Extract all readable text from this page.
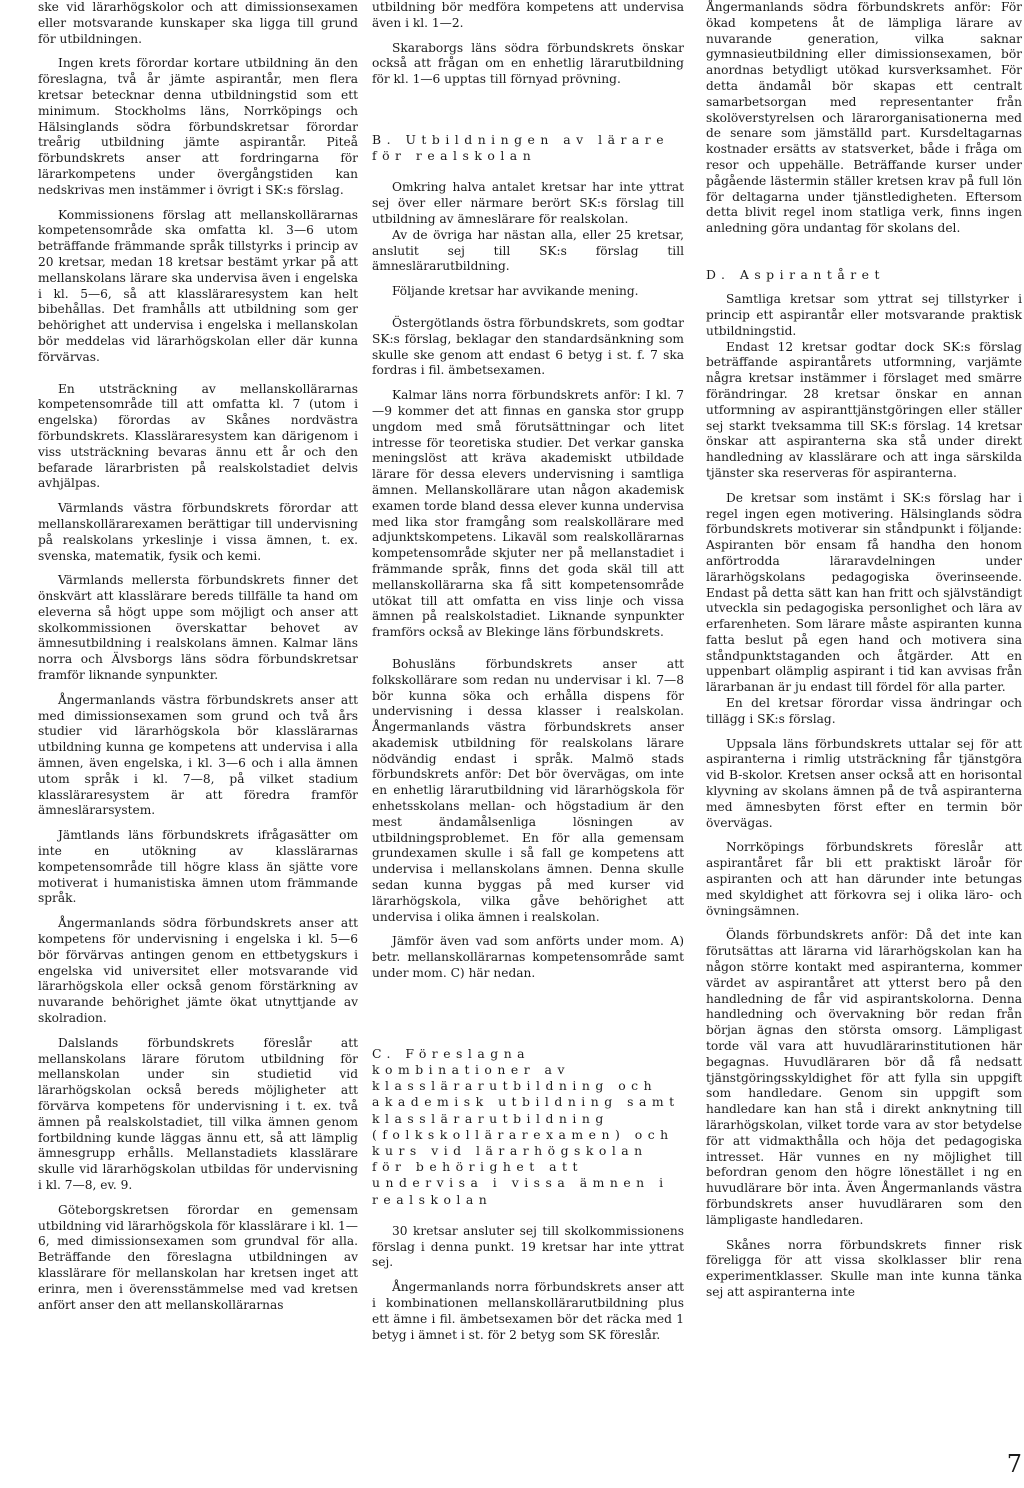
ske vid lärarhögskolor och att dimissionsexamen eller motsvarande kunskaper ska ligga till grund för utbildningen.

Ingen krets förordar kortare utbildning än den föreslagna, två år jämte aspirantår, men flera kretsar betecknar denna utbildningstid som ett minimum. Stockholms läns, Norrköpings och Hälsinglands södra förbundskretsar förordar treårig utbildning jämte aspirantår. Piteå förbundskrets anser att fordringarna för lärarkompetens under övergångstiden kan nedskrivas men instämmer i övrigt i SK:s förslag.

Kommissionens förslag att mellanskollärarnas kompetensområde ska omfatta kl. 3—6 utom beträffande främmande språk tillstyrks i princip av 20 kretsar, medan 18 kretsar bestämt yrkar på att mellanskolans lärare ska undervisa även i engelska i kl. 5—6, så att klassläraresystem kan helt bibehållas. Det framhålls att utbildning som ger behörighet att undervisa i engelska i mellanskolan bör meddelas vid lärarhögskolan eller där kunna förvärvas.

En utsträckning av mellanskollärarnas kompetensområde till att omfatta kl. 7 (utom i engelska) förordas av Skånes nordvästra förbundskrets. Klassläraresystem kan därigenom i viss utsträckning bevaras ännu ett år och den befarade lärarbristen på realskolstadiet delvis avhjälpas.

Värmlands västra förbundskrets förordar att mellanskollärarexamen berättigar till undervisning på realskolans yrkeslinje i vissa ämnen, t. ex. svenska, matematik, fysik och kemi.

Värmlands mellersta förbundskrets finner det önskvärt att klasslärare bereds tillfälle ta hand om eleverna så högt uppe som möjligt och anser att skolkommissionen överskattar behovet av ämnesutbildning i realskolans ämnen. Kalmar läns norra och Älvsborgs läns södra förbundskretsar framför liknande synpunkter.

Ångermanlands västra förbundskrets anser att med dimissionsexamen som grund och två års studier vid lärarhögskola bör klasslärarnas utbildning kunna ge kompetens att undervisa i alla ämnen, även engelska, i kl. 3—6 och i alla ämnen utom språk i kl. 7—8, på vilket stadium klassläraresystem är att föredra framför ämneslärarsystem.

Jämtlands läns förbundskrets ifrågasätter om inte en utökning av klasslärarnas kompetensområde till högre klass än sjätte vore motiverat i humanistiska ämnen utom främmande språk.

Ångermanlands södra förbundskrets anser att kompetens för undervisning i engelska i kl. 5—6 bör förvärvas antingen genom en ettbetygskurs i engelska vid universitet eller motsvarande vid lärarhögskola eller också genom förstärkning av nuvarande behörighet jämte ökat utnyttjande av skolradion.

Dalslands förbundskrets föreslår att mellanskolans lärare förutom utbildning för mellanskolan under sin studietid vid lärarhögskolan också bereds möjligheter att förvärva kompetens för undervisning i t. ex. två ämnen på realskolstadiet, till vilka ämnen genom fortbildning kunde läggas ännu ett, så att lämplig ämnesgrupp erhålls. Mellanstadiets klasslärare skulle vid lärarhögskolan utbildas för undervisning i kl. 7—8, ev. 9.

Göteborgskretsen förordar en gemensam utbildning vid lärarhögskola för klasslärare i kl. 1—6, med dimissionsexamen som grundval för alla. Beträffande den föreslagna utbildningen av klasslärare för mellanskolan har kretsen inget att erinra, men i överensstämmelse med vad kretsen anfört anser den att mellanskollärarnas

utbildning bör medföra kompetens att undervisa även i kl. 1—2.

Skaraborgs läns södra förbundskrets önskar också att frågan om en enhetlig lärarutbildning för kl. 1—6 upptas till förnyad prövning.

B. Utbildningen av lärare för realskolan

Omkring halva antalet kretsar har inte yttrat sej över eller närmare berört SK:s förslag till utbildning av ämneslärare för realskolan.

Av de övriga har nästan alla, eller 25 kretsar, anslutit sej till SK:s förslag till ämneslärarutbildning.

Följande kretsar har avvikande mening.

Östergötlands östra förbundskrets, som godtar SK:s förslag, beklagar den standardsänkning som skulle ske genom att endast 6 betyg i st. f. 7 ska fordras i fil. ämbetsexamen.

Kalmar läns norra förbundskrets anför: I kl. 7—9 kommer det att finnas en ganska stor grupp ungdom med små förutsättningar och litet intresse för teoretiska studier. Det verkar ganska meningslöst att kräva akademiskt utbildade lärare för dessa elevers undervisning i samtliga ämnen. Mellanskollärare utan någon akademisk examen torde bland dessa elever kunna undervisa med lika stor framgång som realskollärare med adjunktskompetens. Likaväl som realskollärarnas kompetensområde skjuter ner på mellanstadiet i främmande språk, finns det goda skäl till att mellanskollärarna ska få sitt kompetensområde utökat till att omfatta en viss linje och vissa ämnen på realskolstadiet. Liknande synpunkter framförs också av Blekinge läns förbundskrets.

Bohusläns förbundskrets anser att folkskollärare som redan nu undervisar i kl. 7—8 bör kunna söka och erhålla dispens för undervisning i dessa klasser i realskolan. Ångermanlands västra förbundskrets anser akademisk utbildning för realskolans lärare nödvändig endast i språk. Malmö stads förbundskrets anför: Det bör övervägas, om inte en enhetlig lärarutbildning vid lärarhögskola för enhetsskolans mellan- och högstadium är den mest ändamålsenliga lösningen av utbildningsproblemet. En för alla gemensam grundexamen skulle i så fall ge kompetens att undervisa i mellanskolans ämnen. Denna skulle sedan kunna byggas på med kurser vid lärarhögskola, vilka gåve behörighet att undervisa i olika ämnen i realskolan.

Jämför även vad som anförts under mom. A) betr. mellanskollärarnas kompetensområde samt under mom. C) här nedan.

C. Föreslagna kombinationer av klasslärarutbildning och akademisk utbildning samt klasslärarutbildning (folkskollärarexamen) och kurs vid lärarhögskolan för behörighet att undervisa i vissa ämnen i realskolan

30 kretsar ansluter sej till skolkommissionens förslag i denna punkt. 19 kretsar har inte yttrat sej.

Ångermanlands norra förbundskrets anser att i kombinationen mellanskollärarutbildning plus ett ämne i fil. ämbetsexamen bör det räcka med 1 betyg i ämnet i st. för 2 betyg som SK föreslår.

Ångermanlands södra förbundskrets anför: För ökad kompetens åt de lämpliga lärare av nuvarande generation, vilka saknar gymnasieutbildning eller dimissionsexamen, bör anordnas betydligt utökad kursverksamhet. För detta ändamål bör skapas ett centralt samarbetsorgan med representanter från skolöverstyrelsen och lärarorganisationerna med de senare som jämställd part. Kursdeltagarnas kostnader ersätts av statsverket, både i fråga om resor och uppehälle. Beträffande kurser under pågående lästermin ställer kretsen krav på full lön för deltagarna under tjänstledigheten. Eftersom detta blivit regel inom statliga verk, finns ingen anledning göra undantag för skolans del.

D. Aspirantåret

Samtliga kretsar som yttrat sej tillstyrker i princip ett aspirantår eller motsvarande praktisk utbildningstid.

Endast 12 kretsar godtar dock SK:s förslag beträffande aspirantårets utformning, varjämte några kretsar instämmer i förslaget med smärre förändringar. 28 kretsar önskar en annan utformning av aspiranttjänstgöringen eller ställer sej starkt tveksamma till SK:s förslag. 14 kretsar önskar att aspiranterna ska stå under direkt handledning av klasslärare och att inga särskilda tjänster ska reserveras för aspiranterna.

De kretsar som instämt i SK:s förslag har i regel ingen egen motivering. Hälsinglands södra förbundskrets motiverar sin ståndpunkt i följande: Aspiranten bör ensam få handha den honom anförtrodda läraravdelningen under lärarhögskolans pedagogiska överinseende. Endast på detta sätt kan han fritt och självständigt utveckla sin pedagogiska personlighet och lära av erfarenheten. Som lärare måste aspiranten kunna fatta beslut på egen hand och motivera sina ståndpunktstaganden och åtgärder. Att en uppenbart olämplig aspirant i tid kan avvisas från lärarbanan är ju endast till fördel för alla parter.

En del kretsar förordar vissa ändringar och tillägg i SK:s förslag.

Uppsala läns förbundskrets uttalar sej för att aspiranterna i rimlig utsträckning får tjänstgöra vid B-skolor. Kretsen anser också att en horisontal klyvning av skolans ämnen på de två aspiranterna med ämnesbyten först efter en termin bör övervägas.

Norrköpings förbundskrets föreslår att aspirantåret får bli ett praktiskt läroår för aspiranten och att han därunder inte betungas med skyldighet att förkovra sej i olika läro- och övningsämnen.

Ölands förbundskrets anför: Då det inte kan förutsättas att lärarna vid lärarhögskolan kan ha någon större kontakt med aspiranterna, kommer värdet av aspirantåret att ytterst bero på den handledning de får vid aspirantskolorna. Denna handledning och övervakning bör redan från början ägnas den största omsorg. Lämpligast torde väl vara att huvudlärarinstitutionen här begagnas. Huvudläraren bör då få nedsatt tjänstgöringsskyldighet för att fylla sin uppgift som handledare. Genom sin uppgift som handledare kan han stå i direkt anknytning till lärarhögskolan, vilket torde vara av stor betydelse för att vidmakthålla och höja det pedagogiska intresset. Här vunnes en ny möjlighet till befordran genom den högre lönestället i ng en huvudlärare bör inta. Även Ångermanlands västra förbundskrets anser huvudläraren som den lämpligaste handledaren.

Skånes norra förbundskrets finner risk föreligga för att vissa skolklasser blir rena experimentklasser. Skulle man inte kunna tänka sej att aspiranterna inte

7
